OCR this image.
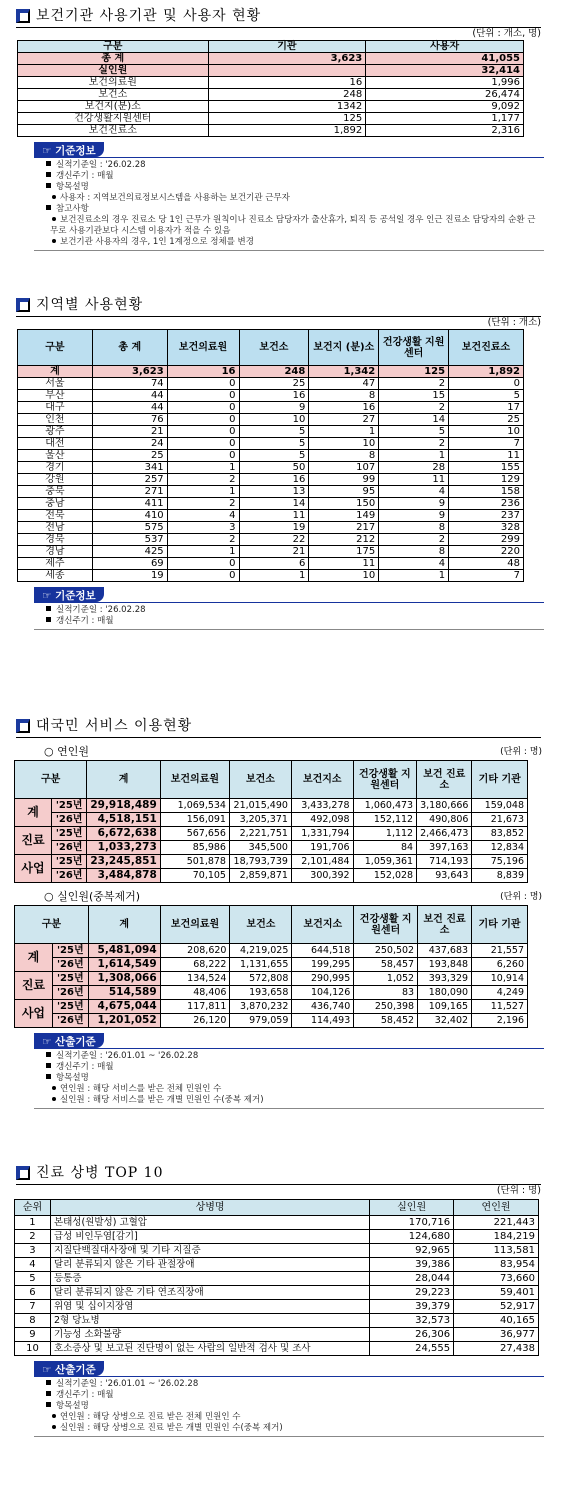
보건기관 사용기관 및 사용자 현황
(단위 : 개소, 명)
구분	기관	사용자
총 계	3,623	41,055
실인원		32,414
보건의료원	16	1,996
보건소	248	26,474
보건지(분)소	1342	9,092
건강생활지원센터	125	1,177
보건진료소	1,892	2,316
☞ 기준정보
실적기준일 : '26.02.28
갱신주기 : 매월
항목설명
사용자 : 지역보건의료정보시스템을 사용하는 보건기관 근무자
참고사항
보건진료소의 경우 진료소 당 1인 근무가 원칙이나 진료소 담당자가 출산휴가, 퇴직 등 공석일 경우 인근 진료소 담당자의 순환 근무로 사용기관보다 시스템 이용자가 적을 수 있음
보건기관 사용자의 경우, 1인 1계정으로 정체를 변경
지역별 사용현황
(단위 : 개소)
구분	총 계	보건의료원	보건소	보건지 (분)소	건강생활 지원센터	보건진료소
계	3,623	16	248	1,342	125	1,892
서울	74	0	25	47	2	0
부산	44	0	16	8	15	5
대구	44	0	9	16	2	17
인천	76	0	10	27	14	25
광주	21	0	5	1	5	10
대전	24	0	5	10	2	7
울산	25	0	5	8	1	11
경기	341	1	50	107	28	155
강원	257	2	16	99	11	129
충북	271	1	13	95	4	158
충남	411	2	14	150	9	236
전북	410	4	11	149	9	237
전남	575	3	19	217	8	328
경북	537	2	22	212	2	299
경남	425	1	21	175	8	220
제주	69	0	6	11	4	48
세종	19	0	1	10	1	7
☞ 기준정보
실적기준일 : '26.02.28
갱신주기 : 매월
대국민 서비스 이용현황
○ 연인원	(단위 : 명)
구분		계	보건의료원	보건소	보건지소	건강생활 지원센터	보건 진료소	기타 기관
계	'25년	29,918,489	1,069,534	21,015,490	3,433,278	1,060,473	3,180,666	159,048
	'26년	4,518,151	156,091	3,205,371	492,098	152,112	490,806	21,673
진료	'25년	6,672,638	567,656	2,221,751	1,331,794	1,112	2,466,473	83,852
	'26년	1,033,273	85,986	345,500	191,706	84	397,163	12,834
사업	'25년	23,245,851	501,878	18,793,739	2,101,484	1,059,361	714,193	75,196
	'26년	3,484,878	70,105	2,859,871	300,392	152,028	93,643	8,839
○ 실인원(중복제거)	(단위 : 명)
구분		계	보건의료원	보건소	보건지소	건강생활 지원센터	보건 진료소	기타 기관
계	'25년	5,481,094	208,620	4,219,025	644,518	250,502	437,683	21,557
	'26년	1,614,549	68,222	1,131,655	199,295	58,457	193,848	6,260
진료	'25년	1,308,066	134,524	572,808	290,995	1,052	393,329	10,914
	'26년	514,589	48,406	193,658	104,126	83	180,090	4,249
사업	'25년	4,675,044	117,811	3,870,232	436,740	250,398	109,165	11,527
	'26년	1,201,052	26,120	979,059	114,493	58,452	32,402	2,196
☞ 산출기준
실적기준일 : '26.01.01 ~ '26.02.28
갱신주기 : 매월
항목설명
연인원 : 해당 서비스를 받은 전체 민원인 수
실인원 : 해당 서비스를 받은 개별 민원인 수(중복 제거)
진료 상병 TOP 10
(단위 : 명)
순위	상병명	실인원	연인원
1	본태성(원발성) 고혈압	170,716	221,443
2	급성 비인두염[감기]	124,680	184,219
3	지질단백질대사장애 및 기타 지질증	92,965	113,581
4	달리 분류되지 않은 기타 관절장애	39,386	83,954
5	등통증	28,044	73,660
6	달리 분류되지 않은 기타 연조직장애	29,223	59,401
7	위염 및 십이지장염	39,379	52,917
8	2형 당뇨병	32,573	40,165
9	기능성 소화불량	26,306	36,977
10	호소증상 및 보고된 진단명이 없는 사람의 일반적 검사 및 조사	24,555	27,438
☞ 산출기준
실적기준일 : '26.01.01 ~ '26.02.28
갱신주기 : 매월
항목설명
연인원 : 해당 상병으로 진료 받은 전체 민원인 수
실인원 : 해당 상병으로 진료 받은 개별 민원인 수(중복 제거)
